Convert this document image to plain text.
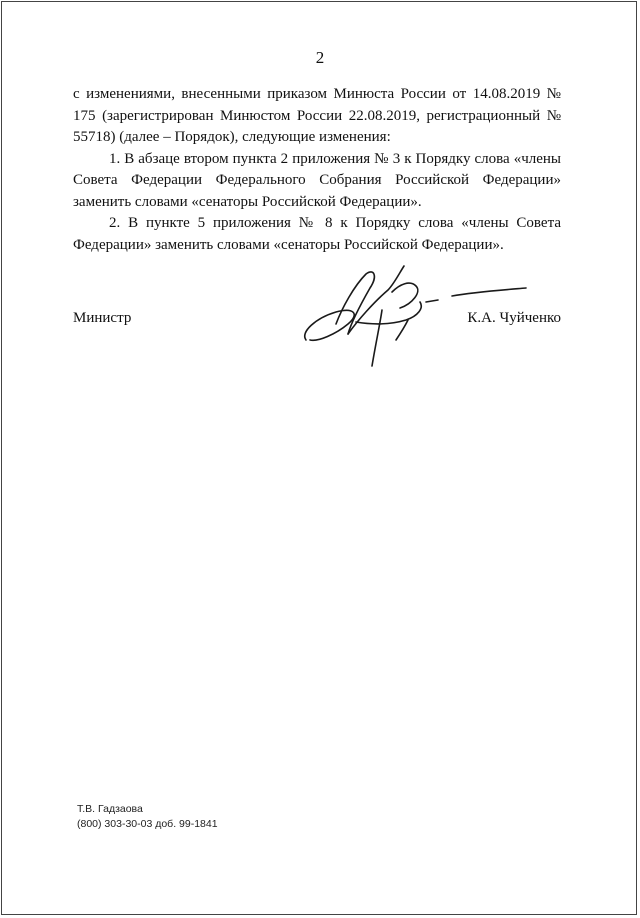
2

с изменениями, внесенными приказом Минюста России от 14.08.2019 № 175 (зарегистрирован Минюстом России 22.08.2019, регистрационный № 55718) (далее – Порядок), следующие изменения:

1. В абзаце втором пункта 2 приложения № 3 к Порядку слова «члены Совета Федерации Федерального Собрания Российской Федерации» заменить словами «сенаторы Российской Федерации».

2. В пункте 5 приложения № 8 к Порядку слова «члены Совета Федерации» заменить словами «сенаторы Российской Федерации».

Министр	К.А. Чуйченко
Т.В. Гадзаова
(800) 303-30-03 доб. 99-1841
